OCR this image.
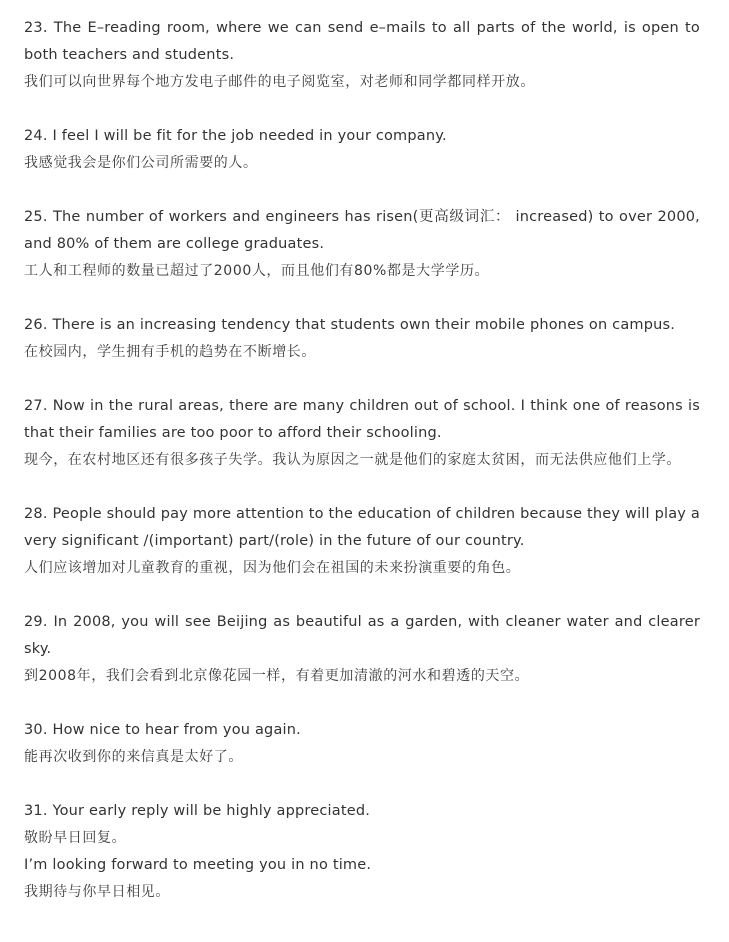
23. The E–reading room, where we can send e–mails to all parts of the world, is open to both teachers and students.

我们可以向世界每个地方发电子邮件的电子阅览室，对老师和同学都同样开放。

24. I feel I will be fit for the job needed in your company.

我感觉我会是你们公司所需要的人。

25. The number of workers and engineers has risen(更高级词汇： increased) to over 2000, and 80% of them are college graduates.

工人和工程师的数量已超过了2000人，而且他们有80%都是大学学历。

26. There is an increasing tendency that students own their mobile phones on campus.

在校园内，学生拥有手机的趋势在不断增长。

27. Now in the rural areas, there are many children out of school. I think one of reasons is that their families are too poor to afford their schooling.

现今，在农村地区还有很多孩子失学。我认为原因之一就是他们的家庭太贫困，而无法供应他们上学。

28. People should pay more attention to the education of children because they will play a very significant /(important) part/(role) in the future of our country.

人们应该增加对儿童教育的重视，因为他们会在祖国的未来扮演重要的角色。

29. In 2008, you will see Beijing as beautiful as a garden, with cleaner water and clearer sky.

到2008年，我们会看到北京像花园一样，有着更加清澈的河水和碧透的天空。

30. How nice to hear from you again.

能再次收到你的来信真是太好了。

31. Your early reply will be highly appreciated.

敬盼早日回复。

I’m looking forward to meeting you in no time.

我期待与你早日相见。
